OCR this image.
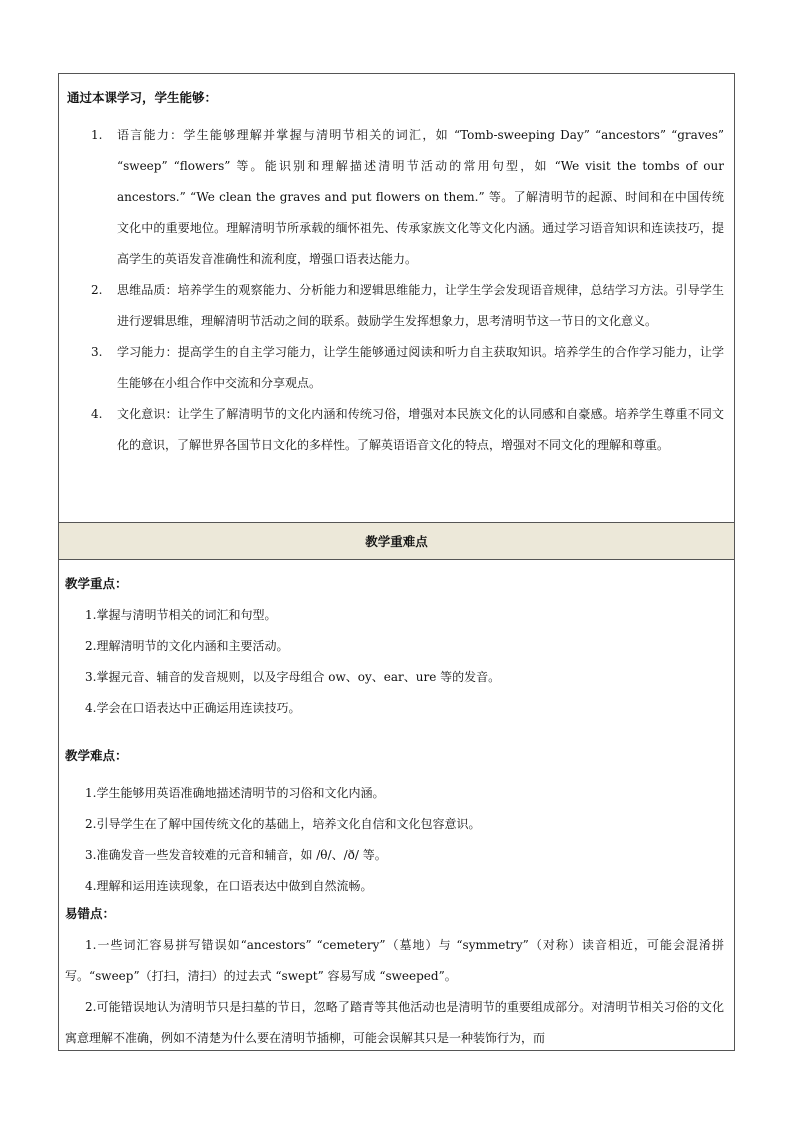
通过本课学习，学生能够：

1.	语言能力：学生能够理解并掌握与清明节相关的词汇，如 “Tomb-sweeping Day” “ancestors” “graves” “sweep” “flowers” 等。能识别和理解描述清明节活动的常用句型，如 “We visit the tombs of our ancestors.” “We clean the graves and put flowers on them.” 等。了解清明节的起源、时间和在中国传统文化中的重要地位。理解清明节所承载的缅怀祖先、传承家族文化等文化内涵。通过学习语音知识和连读技巧，提高学生的英语发音准确性和流利度，增强口语表达能力。
2.	思维品质：培养学生的观察能力、分析能力和逻辑思维能力，让学生学会发现语音规律，总结学习方法。引导学生进行逻辑思维，理解清明节活动之间的联系。鼓励学生发挥想象力，思考清明节这一节日的文化意义。
3.	学习能力：提高学生的自主学习能力，让学生能够通过阅读和听力自主获取知识。培养学生的合作学习能力，让学生能够在小组合作中交流和分享观点。
4.	文化意识：让学生了解清明节的文化内涵和传统习俗，增强对本民族文化的认同感和自豪感。培养学生尊重不同文化的意识，了解世界各国节日文化的多样性。了解英语语音文化的特点，增强对不同文化的理解和尊重。
教学重难点

教学重点：

1.掌握与清明节相关的词汇和句型。

2.理解清明节的文化内涵和主要活动。

3.掌握元音、辅音的发音规则，以及字母组合 ow、oy、ear、ure 等的发音。

4.学会在口语表达中正确运用连读技巧。

教学难点：

1.学生能够用英语准确地描述清明节的习俗和文化内涵。

2.引导学生在了解中国传统文化的基础上，培养文化自信和文化包容意识。

3.准确发音一些发音较难的元音和辅音，如 /θ/、/ð/ 等。

4.理解和运用连读现象，在口语表达中做到自然流畅。

易错点：

1.一些词汇容易拼写错误如“ancestors” “cemetery”（墓地）与 “symmetry”（对称）读音相近，可能会混淆拼写。“sweep”（打扫，清扫）的过去式 “swept” 容易写成 “sweeped”。

2.可能错误地认为清明节只是扫墓的节日，忽略了踏青等其他活动也是清明节的重要组成部分。对清明节相关习俗的文化寓意理解不准确，例如不清楚为什么要在清明节插柳，可能会误解其只是一种装饰行为，而
